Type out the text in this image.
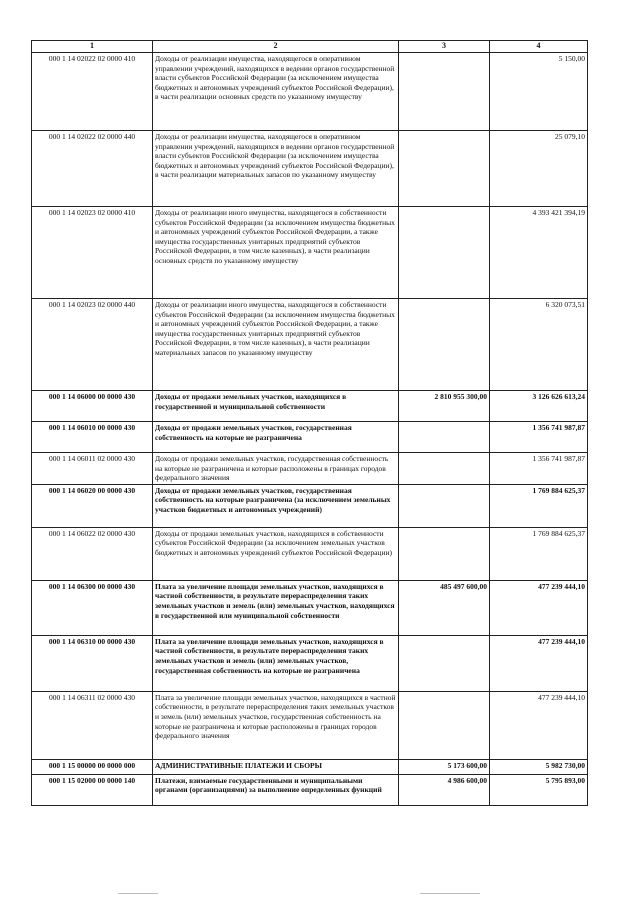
1	2	3	4
000 1 14 02022 02 0000 410	Доходы от реализации имущества, находящегося в оперативном управлении учреждений, находящихся в ведении органов государственной власти субъектов Российской Федерации (за исключением имущества бюджетных и автономных учреждений субъектов Российской Федерации), в части реализации основных средств по указанному имуществу		5 150,00
000 1 14 02022 02 0000 440	Доходы от реализации имущества, находящегося в оперативном управлении учреждений, находящихся в ведении органов государственной власти субъектов Российской Федерации (за исключением имущества бюджетных и автономных учреждений субъектов Российской Федерации), в части реализации материальных запасов по указанному имуществу		25 079,10
000 1 14 02023 02 0000 410	Доходы от реализации иного имущества, находящегося в собственности субъектов Российской Федерации (за исключением имущества бюджетных и автономных учреждений субъектов Российской Федерации, а также имущества государственных унитарных предприятий субъектов Российской Федерации, в том числе казенных), в части реализации основных средств по указанному имуществу		4 393 421 394,19
000 1 14 02023 02 0000 440	Доходы от реализации иного имущества, находящегося в собственности субъектов Российской Федерации (за исключением имущества бюджетных и автономных учреждений субъектов Российской Федерации, а также имущества государственных унитарных предприятий субъектов Российской Федерации, в том числе казенных), в части реализации материальных запасов по указанному имуществу		6 320 073,51
000 1 14 06000 00 0000 430	Доходы от продажи земельных участков, находящихся в государственной и муниципальной собственности	2 810 955 300,00	3 126 626 613,24
000 1 14 06010 00 0000 430	Доходы от продажи земельных участков, государственная собственность на которые не разграничена		1 356 741 987,87
000 1 14 06011 02 0000 430	Доходы от продажи земельных участков, государственная собственность на которые не разграничена и которые расположены в границах городов федерального значения		1 356 741 987,87
000 1 14 06020 00 0000 430	Доходы от продажи земельных участков, государственная собственность на которые разграничена (за исключением земельных участков бюджетных и автономных учреждений)		1 769 884 625,37
000 1 14 06022 02 0000 430	Доходы от продажи земельных участков, находящихся в собственности субъектов Российской Федерации (за исключением земельных участков бюджетных и автономных учреждений субъектов Российской Федерации)		1 769 884 625,37
000 1 14 06300 00 0000 430	Плата за увеличение площади земельных участков, находящихся в частной собственности, в результате перераспределения таких земельных участков и земель (или) земельных участков, находящихся в государственной или муниципальной собственности	485 497 600,00	477 239 444,10
000 1 14 06310 00 0000 430	Плата за увеличение площади земельных участков, находящихся в частной собственности, в результате перераспределения таких земельных участков и земель (или) земельных участков, государственная собственность на которые не разграничена		477 239 444,10
000 1 14 06311 02 0000 430	Плата за увеличение площади земельных участков, находящихся в частной собственности, в результате перераспределения таких земельных участков и земель (или) земельных участков, государственная собственность на которые не разграничена и которые расположены в границах городов федерального значения		477 239 444,10
000 1 15 00000 00 0000 000	АДМИНИСТРАТИВНЫЕ ПЛАТЕЖИ И СБОРЫ	5 173 600,00	5 982 730,00
000 1 15 02000 00 0000 140	Платежи, взимаемые государственными и муниципальными органами (организациями) за выполнение определенных функций	4 986 600,00	5 795 893,00
